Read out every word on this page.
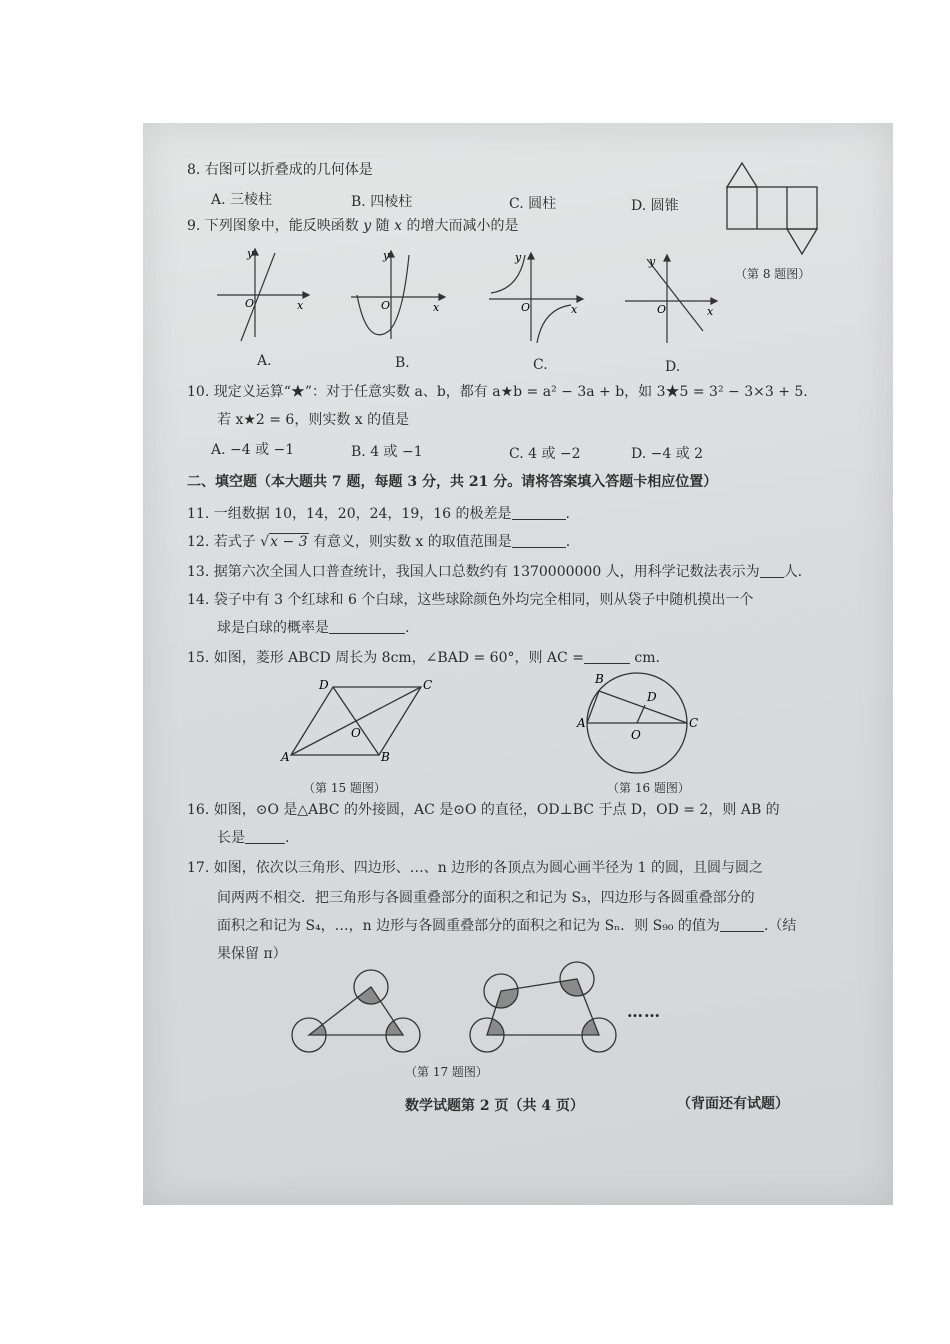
8. 右图可以折叠成的几何体是
A. 三棱柱	B. 四棱柱	C. 圆柱	D. 圆锥
（第 8 题图）
9. 下列图象中，能反映函数 y 随 x 的增大而减小的是
y
x
O
y
x
O
y
x
O
y
x
O
A.	B.	C.	D.
10. 现定义运算“★”：对于任意实数 a、b，都有 a★b = a² − 3a + b，如 3★5 = 3² − 3×3 + 5.
若 x★2 = 6，则实数 x 的值是
A. −4 或 −1	B. 4 或 −1	C. 4 或 −2	D. −4 或 2
二、填空题（本大题共 7 题，每题 3 分，共 21 分。请将答案填入答题卡相应位置）
11. 一组数据 10，14，20，24，19，16 的极差是	.
12. 若式子 √x − 3 有意义，则实数 x 的取值范围是	.
13. 据第六次全国人口普查统计，我国人口总数约有 1370000000 人，用科学记数法表示为 人.
14. 袋子中有 3 个红球和 6 个白球，这些球除颜色外均完全相同，则从袋子中随机摸出一个
球是白球的概率是	.
15. 如图，菱形 ABCD 周长为 8cm，∠BAD = 60°，则 AC =	cm.
A	B
C
D
O
（第 15 题图）
B
D
A	C
O
（第 16 题图）
16. 如图，⊙O 是△ABC 的外接圆，AC 是⊙O 的直径，OD⊥BC 于点 D，OD = 2，则 AB 的
长是	.
17. 如图，依次以三角形、四边形、…、n 边形的各顶点为圆心画半径为 1 的圆，且圆与圆之
间两两不相交．把三角形与各圆重叠部分的面积之和记为 S₃，四边形与各圆重叠部分的
面积之和记为 S₄，…，n 边形与各圆重叠部分的面积之和记为 Sₙ．则 S₉₀ 的值为	.（结
果保留 π）
……
（第 17 题图）
数学试题第 2 页（共 4 页）	（背面还有试题）
